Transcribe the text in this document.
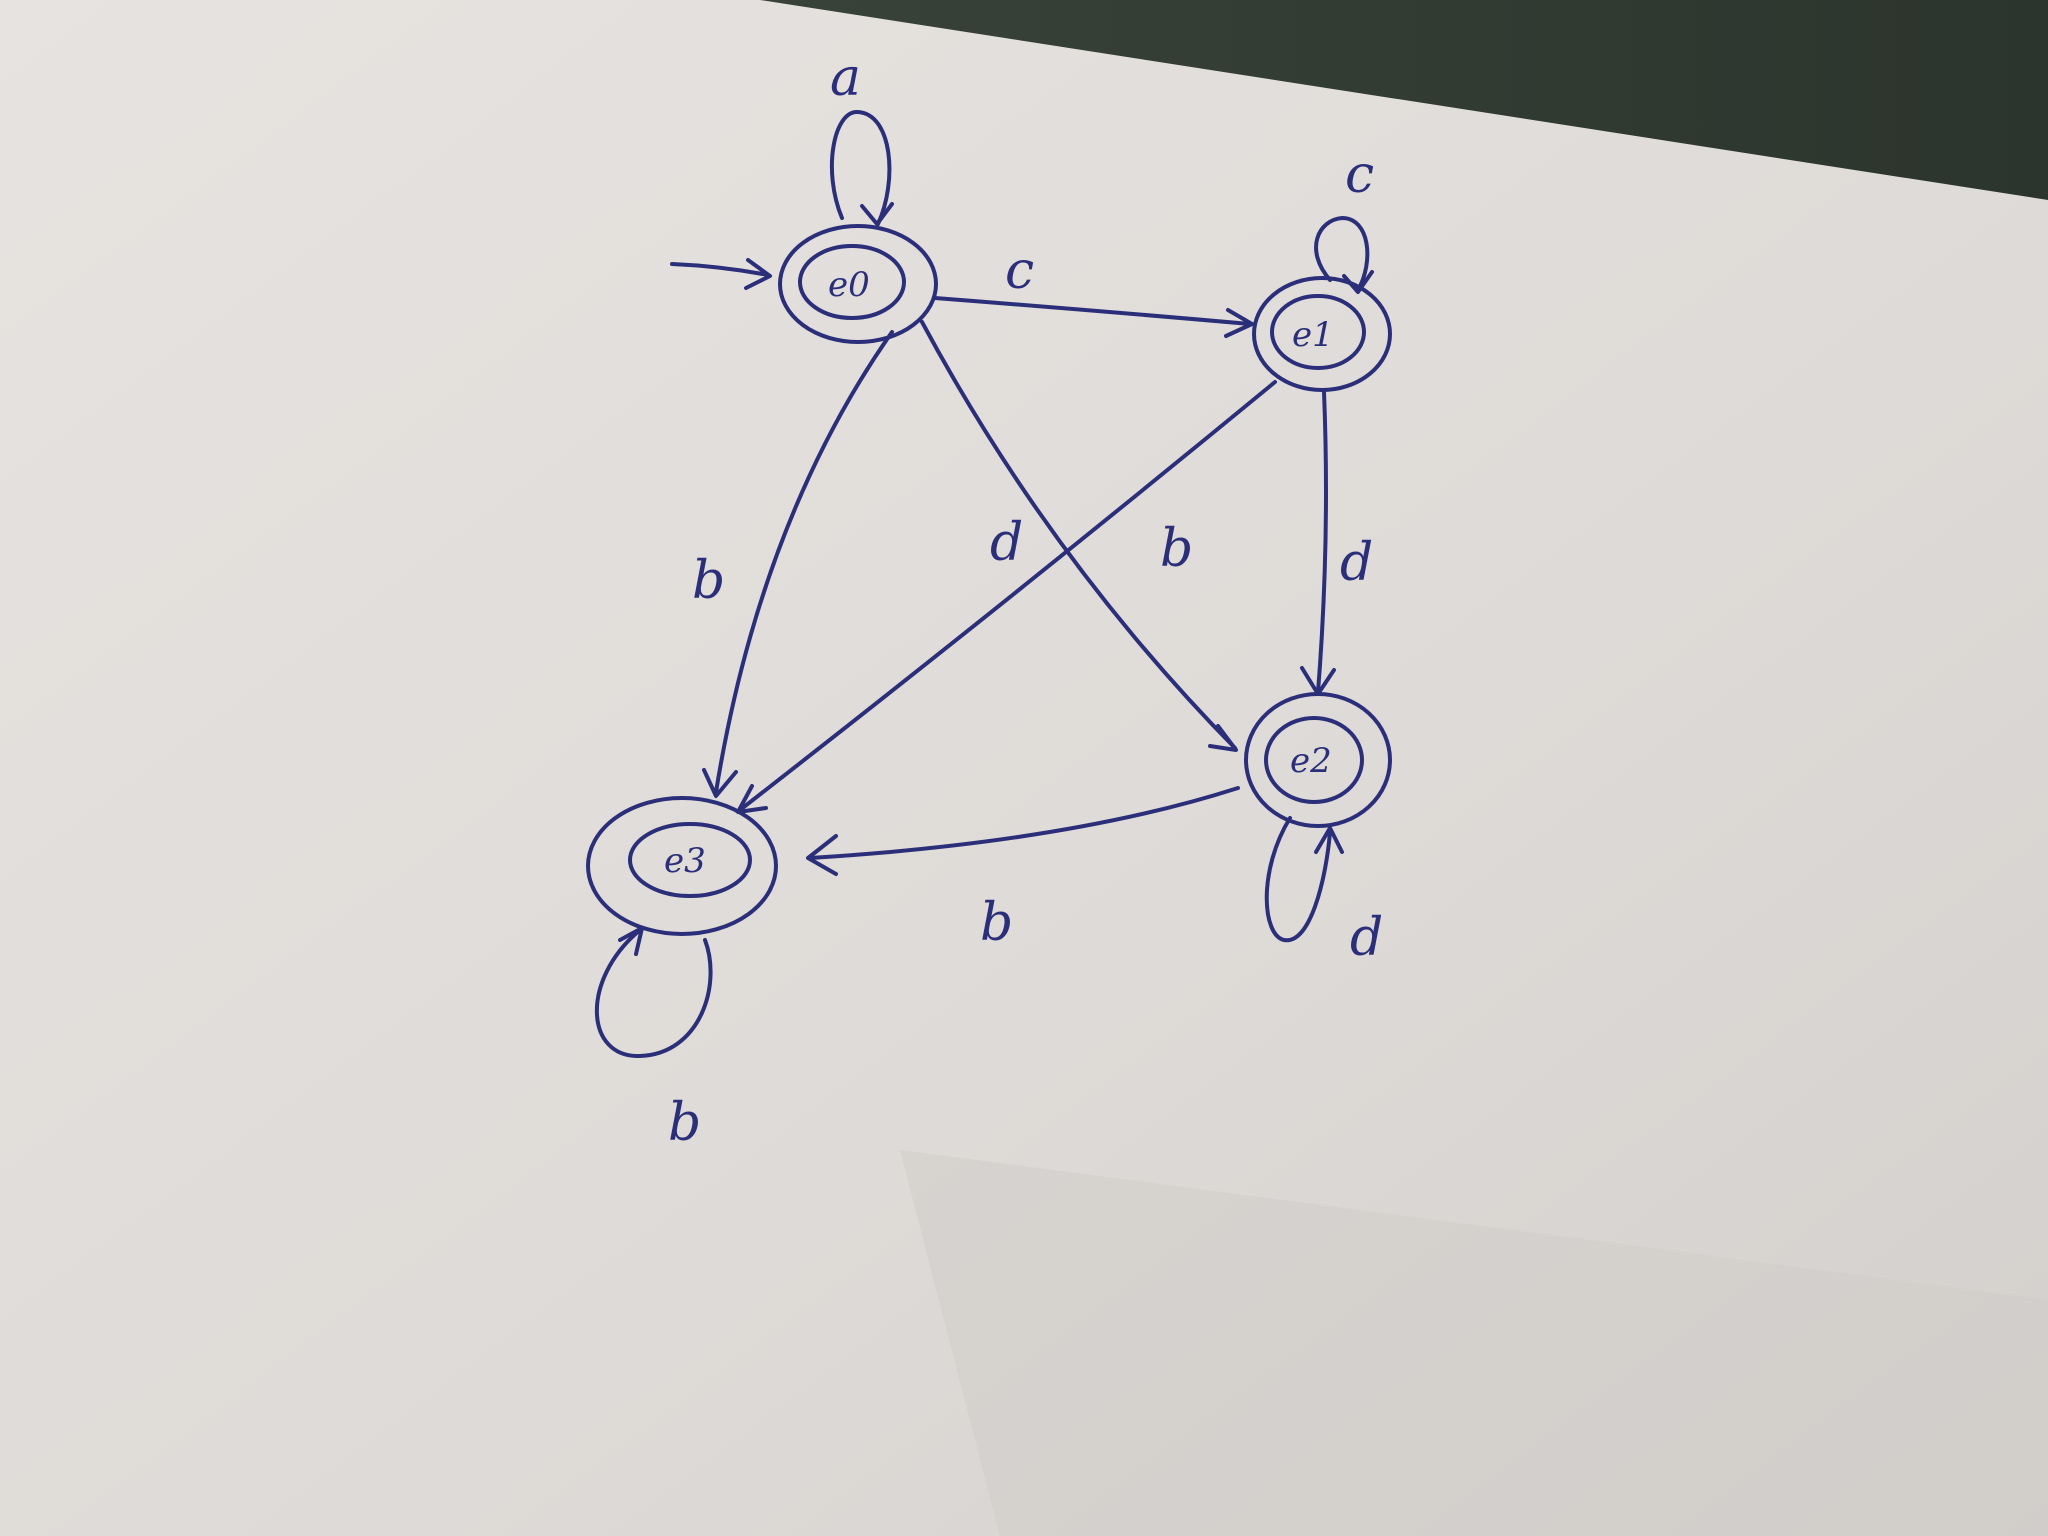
a
c
d
b
c
d
b
d
b
b
e0
e1
e2
e3
